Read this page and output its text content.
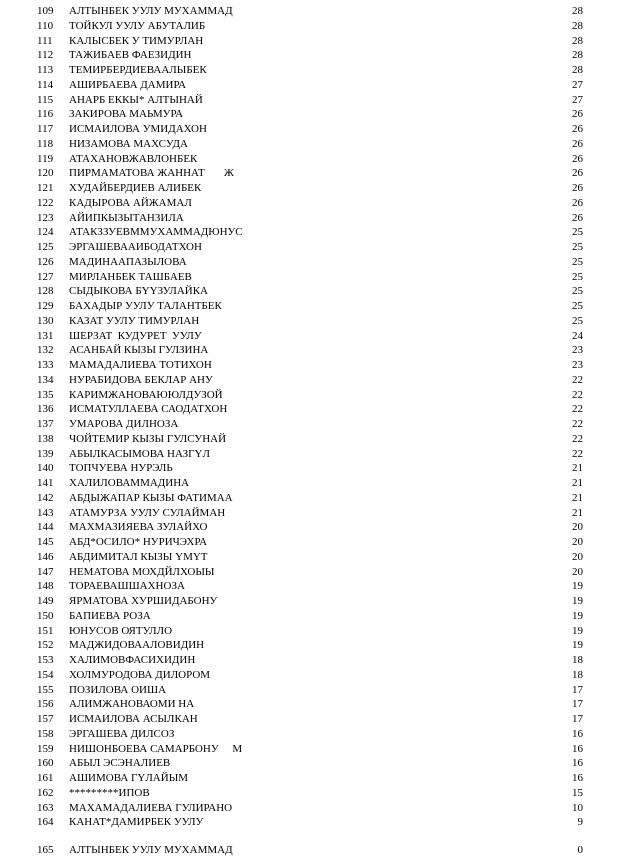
109	АЛТЫНБЕК УУЛУ МУХАММАД	28
110	ТОЙКУЛ УУЛУ АБУТАЛИБ	28
111	КАЛЫСБЕК У ТИМУРЛАН	28
112	ТАЖИБАЕВ ФАЕЗИДИН	28
113	ТЕМИРБЕРДИЕВААЛЫБЕК	28
114	АШИРБАЕВА ДАМИРА	27
115	АНАРБ ЕККЫ* АЛТЫНАЙ	27
116	ЗАКИРОВА МАЬМУРА	26
117	ИСМАИЛОВА УМИДАХОН	26
118	НИЗАМОВА МАХСУДА	26
119	АТАХАНОВЖАВЛОНБЕК	26
120	ПИРМАМАТОВА ЖАННАТ       Ж	26
121	ХУДАЙБЕРДИЕВ АЛИБЕК	26
122	КАДЫРОВА АЙЖАМАЛ	26
123	АЙИПКЫЗЫТАНЗИЛА	26
124	АТАКЗЗУЕВММУХАММАДЮНУС	25
125	ЭРГАШЕВААИБОДАТХОН	25
126	МАДИНААПАЗЫЛОВА	25
127	МИРЛАНБЕК ТАШБАЕВ	25
128	СЫДЫКОВА БҮҮЗУЛАЙКА	25
129	БАХАДЫР УУЛУ ТАЛАНТБЕК	25
130	КАЗАТ УУЛУ ТИМУРЛАН	25
131	ШЕРЗАТ  КУДУРЕТ  УУЛУ	24
132	АСАНБАЙ КЫЗЫ ГУЛЗИНА	23
133	МАМАДАЛИЕВА ТОТИХОН	23
134	НУРАБИДОВА БЕКЛАР АНУ	22
135	КАРИМЖАНОВАЮЮЛДУЗОЙ	22
136	ИСМАТУЛЛАЕВА САОДАТХОН	22
137	УМАРОВА ДИЛНОЗА	22
138	ЧОЙТЕМИР КЫЗЫ ГУЛСУНАЙ	22
139	АБЫЛКАСЫМОВА НАЗГҮЛ	22
140	ТОПЧУЕВА НУРЭЛЬ	21
141	ХАЛИЛОВАММАДИНА	21
142	АБДЫЖАПАР КЫЗЫ ФАТИМАА	21
143	АТАМУРЗА УУЛУ СУЛАЙМАН	21
144	МАХМАЗИЯЕВА ЗУЛАЙХО	20
145	АБД*ОСИЛО* НУРИЧЭХРА	20
146	АБДИМИТАЛ КЫЗЫ ҮМҮТ	20
147	НЕМАТОВА МОХДЙЛХОЫЫ	20
148	ТОРАЕВАШШАХНОЗА	19
149	ЯРМАТОВА ХУРШИДАБОНУ	19
150	БАПИЕВА РОЗА	19
151	ЮНУСОВ ОЯТУЛЛО	19
152	МАДЖИДОВААЛОВИДИН	19
153	ХАЛИМОВФАСИХИДИН	18
154	ХОЛМУРОДОВА ДИЛОРОМ	18
155	ПОЗИЛОВА ОИША	17
156	АЛИМЖАНОВАОМИ НА	17
157	ИСМАИЛОВА АСЫЛКАН	17
158	ЭРГАШЕВА ДИЛСОЗ	16
159	НИШОНБОЕВА САМАРБОНУ     М	16
160	АБЫЛ ЭСЭНАЛИЕВ	16
161	АШИМОВА ГҮЛАЙЫМ	16
162	*********ИПОВ	15
163	МАХАМАДАЛИЕВА ГУЛИРАНО	10
164	КАНАТ*ДАМИРБЕК УУЛУ	9
165	АЛТЫНБЕК УУЛУ МУХАММАД	0
